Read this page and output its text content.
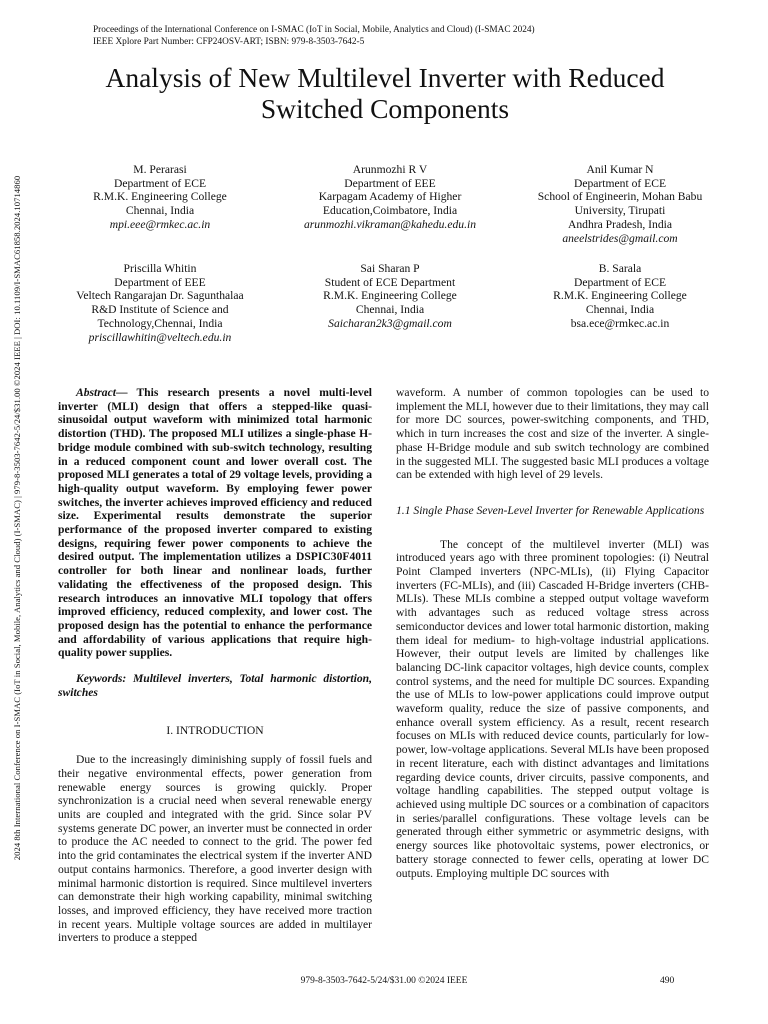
Proceedings of the International Conference on I-SMAC (IoT in Social, Mobile, Analytics and Cloud) (I-SMAC 2024)
IEEE Xplore Part Number: CFP24OSV-ART; ISBN: 979-8-3503-7642-5
2024 8th International Conference on I-SMAC (IoT in Social, Mobile, Analytics and Cloud) (I-SMAC) | 979-8-3503-7642-5/24/$31.00 ©2024 IEEE | DOI: 10.1109/I-SMAC61858.2024.10714860
Analysis of New Multilevel Inverter with Reduced Switched Components
M. Perarasi
Department of ECE
R.M.K. Engineering College
Chennai, India
mpi.eee@rmkec.ac.in
Arunmozhi R V
Department of EEE
Karpagam Academy of Higher
Education,Coimbatore, India
arunmozhi.vikraman@kahedu.edu.in
Anil Kumar N
Department of ECE
School of Engineerin, Mohan Babu
University, Tirupati
Andhra Pradesh, India
aneelstrides@gmail.com
Priscilla Whitin
Department of EEE
Veltech Rangarajan Dr. Sagunthalaa
R&D Institute of Science and
Technology,Chennai, India
priscillawhitin@veltech.edu.in
Sai Sharan P
Student of ECE Department
R.M.K. Engineering College
Chennai, India
Saicharan2k3@gmail.com
B. Sarala
Department of ECE
R.M.K. Engineering College
Chennai, India
bsa.ece@rmkec.ac.in

Abstract— This research presents a novel multi-level inverter (MLI) design that offers a stepped-like quasi-sinusoidal output waveform with minimized total harmonic distortion (THD). The proposed MLI utilizes a single-phase H-bridge module combined with sub-switch technology, resulting in a reduced component count and lower overall cost. The proposed MLI generates a total of 29 voltage levels, providing a high-quality output waveform. By employing fewer power switches, the inverter achieves improved efficiency and reduced size. Experimental results demonstrate the superior performance of the proposed inverter compared to existing designs, requiring fewer power components to achieve the desired output. The implementation utilizes a DSPIC30F4011 controller for both linear and nonlinear loads, further validating the effectiveness of the proposed design. This research introduces an innovative MLI topology that offers improved efficiency, reduced complexity, and lower cost. The proposed design has the potential to enhance the performance and affordability of various applications that require high-quality power supplies.

Keywords: Multilevel inverters, Total harmonic distortion, switches

I. INTRODUCTION

Due to the increasingly diminishing supply of fossil fuels and their negative environmental effects, power generation from renewable energy sources is growing quickly. Proper synchronization is a crucial need when several renewable energy units are coupled and integrated with the grid. Since solar PV systems generate DC power, an inverter must be connected in order to produce the AC needed to connect to the grid. The power fed into the grid contaminates the electrical system if the inverter AND output contains harmonics. Therefore, a good inverter design with minimal harmonic distortion is required. Since multilevel inverters can demonstrate their high working capability, minimal switching losses, and improved efficiency, they have received more traction in recent years. Multiple voltage sources are added in multilayer inverters to produce a stepped

waveform. A number of common topologies can be used to implement the MLI, however due to their limitations, they may call for more DC sources, power-switching components, and THD, which in turn increases the cost and size of the inverter. A single-phase H-Bridge module and sub switch technology are combined in the suggested MLI. The suggested basic MLI produces a voltage can be extended with high level of 29 levels.

1.1 Single Phase Seven-Level Inverter for Renewable Applications

The concept of the multilevel inverter (MLI) was introduced years ago with three prominent topologies: (i) Neutral Point Clamped inverters (NPC-MLIs), (ii) Flying Capacitor inverters (FC-MLIs), and (iii) Cascaded H-Bridge inverters (CHB-MLIs). These MLIs combine a stepped output voltage waveform with advantages such as reduced voltage stress across semiconductor devices and lower total harmonic distortion, making them ideal for medium- to high-voltage industrial applications. However, their output levels are limited by challenges like balancing DC-link capacitor voltages, high device counts, complex control systems, and the need for multiple DC sources. Expanding the use of MLIs to low-power applications could improve output waveform quality, reduce the size of passive components, and enhance overall system efficiency. As a result, recent research focuses on MLIs with reduced device counts, particularly for low-power, low-voltage applications. Several MLIs have been proposed in recent literature, each with distinct advantages and limitations regarding device counts, driver circuits, passive components, and voltage handling capabilities. The stepped output voltage is achieved using multiple DC sources or a combination of capacitors in series/parallel configurations. These voltage levels can be generated through either symmetric or asymmetric designs, with energy sources like photovoltaic systems, power electronics, or battery storage connected to fewer cells, operating at lower DC outputs. Employing multiple DC sources with

979-8-3503-7642-5/24/$31.00 ©2024 IEEE	490
